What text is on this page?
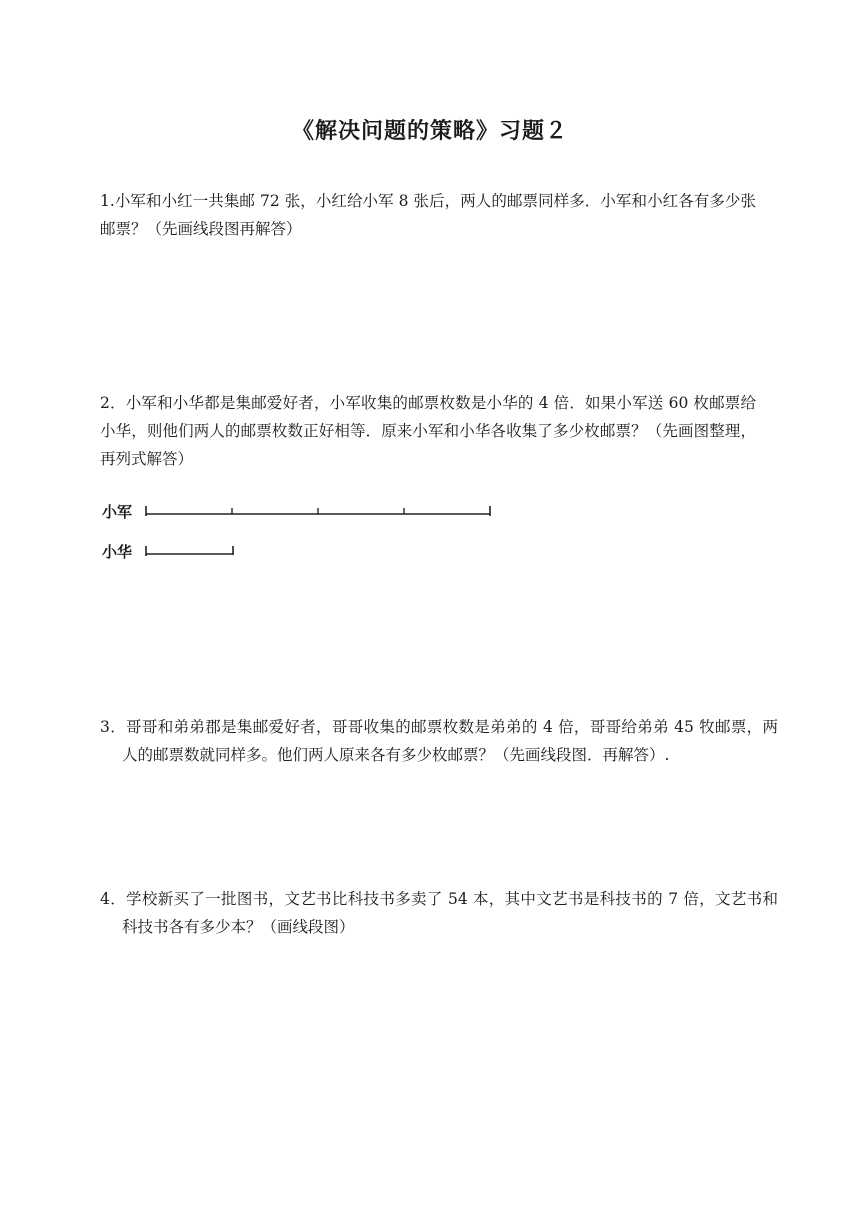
《解决问题的策略》习题２
1.小军和小红一共集邮 72 张，小红给小军 8 张后，两人的邮票同样多．小军和小红各有多少张邮票？（先画线段图再解答）
2．小军和小华都是集邮爱好者，小军收集的邮票枚数是小华的 4 倍．如果小军送 60 枚邮票给小华，则他们两人的邮票枚数正好相等．原来小军和小华各收集了多少枚邮票？（先画图整理，再列式解答）
小军
小华
3．哥哥和弟弟郡是集邮爱好者，哥哥收集的邮票枚数是弟弟的 4 倍，哥哥给弟弟 45 牧邮票，两人的邮票数就同样多。他们两人原来各有多少枚邮票？（先画线段图．再解答）.
4．学校新买了一批图书，文艺书比科技书多卖了 54 本，其中文艺书是科技书的 7 倍，文艺书和科技书各有多少本？（画线段图）
